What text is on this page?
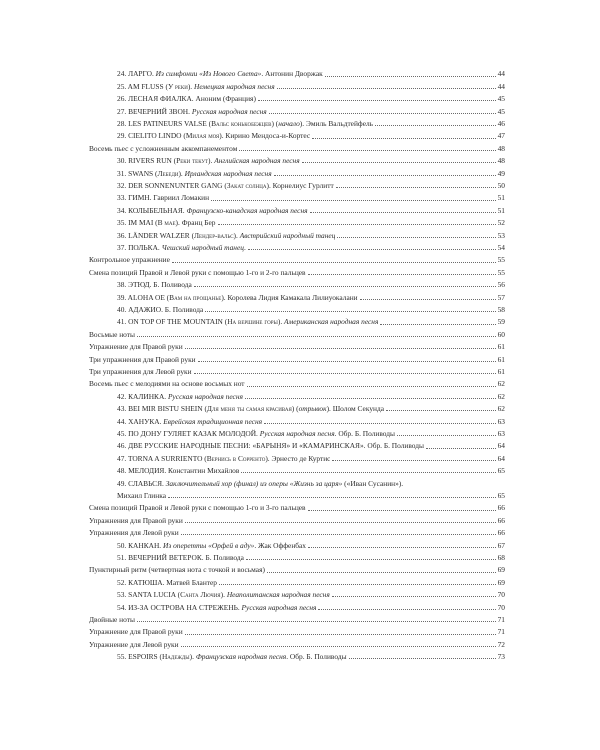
24. ЛАРГО. Из симфонии «Из Нового Света». Антонин Дворжак	44
25. AM FLUSS (У реки). Немецкая народная песня	44
26. ЛЕСНАЯ ФИАЛКА. Аноним (Франция)	45
27. ВЕЧЕРНИЙ ЗВОН. Русская народная песня	45
28. LES PATINEURS VALSE (Вальс конькобежцев) (начало). Эмиль Вальдтейфель	46
29. CIELITO LINDO (Милая моя). Кирино Мендоса-и-Кортес	47
Восемь пьес с усложненным аккомпанементом	48
30. RIVERS RUN (Реки текут). Английская народная песня	48
31. SWANS (Лебеди). Ирландская народная песня	49
32. DER SONNENUNTER GANG (Закат солнца). Корнелиус Гурлитт	50
33. ГИМН. Гавриил Ломакин	51
34. КОЛЫБЕЛЬНАЯ. Французско-канадская народная песня	51
35. IM MAI (В мае). Франц Бер	52
36. LÄNDER WALZER (Лендер-вальс). Австрийский народный танец	53
37. ПОЛЬКА. Чешский народный танец.	54
Контрольное упражнение	55
Смена позиций Правой и Левой руки с помощью 1-го и 2-го пальцев	55
38. ЭТЮД. Б. Поливода	56
39. ALOHA OE (Вам на прощанье). Королева Лидия Камакала Лилиуокалани	57
40. АДАЖИО. Б. Поливода	58
41. ON TOP OF THE MOUNTAIN (На вершине горы). Американская народная песня	59
Восьмые ноты	60
Упражнение для Правой руки	61
Три упражнения для Правой руки	61
Три упражнения для Левой руки	61
Восемь пьес с мелодиями на основе восьмых нот	62
42. КАЛИНКА. Русская народная песня	62
43. BEI MIR BISTU SHEIN (Для меня ты самая красивая) (отрывок). Шолом Секунда	62
44. ХАНУКА. Еврейская традиционная песня	63
45. ПО ДОНУ ГУЛЯЕТ КАЗАК МОЛОДОЙ. Русская народная песня. Обр. Б. Поливоды	63
46. ДВЕ РУССКИЕ НАРОДНЫЕ ПЕСНИ: «БАРЫНЯ» И «КАМАРИНСКАЯ». Обр. Б. Поливоды	64
47. TORNA A SURRIENTO (Вернись в Сорренто). Эрнесто де Куртис	64
48. МЕЛОДИЯ. Константин Михайлов	65
49. СЛАВЬСЯ. Заключительный хор (финал) из оперы «Жизнь за царя» («Иван Сусанин»).
Михаил Глинка	65
Смена позиций Правой и Левой руки с помощью 1-го и 3-го пальцев	66
Упражнения для Правой руки	66
Упражнения для Левой руки	66
50. КАНКАН. Из оперетты «Орфей в аду». Жак Оффенбах	67
51. ВЕЧЕРНИЙ ВЕТЕРОК. Б. Поливода	68
Пунктирный ритм (четвертная нота с точкой и восьмая)	69
52. КАТЮША. Матвей Блантер	69
53. SANTA LUCIA (Санта Лючия). Неаполитанская народная песня	70
54. ИЗ-ЗА ОСТРОВА НА СТРЕЖЕНЬ. Русская народная песня	70
Двойные ноты	71
Упражнение для Правой руки	71
Упражнение для Левой руки	72
55. ESPOIRS (Надежды). Французская народная песня. Обр. Б. Поливоды	73
